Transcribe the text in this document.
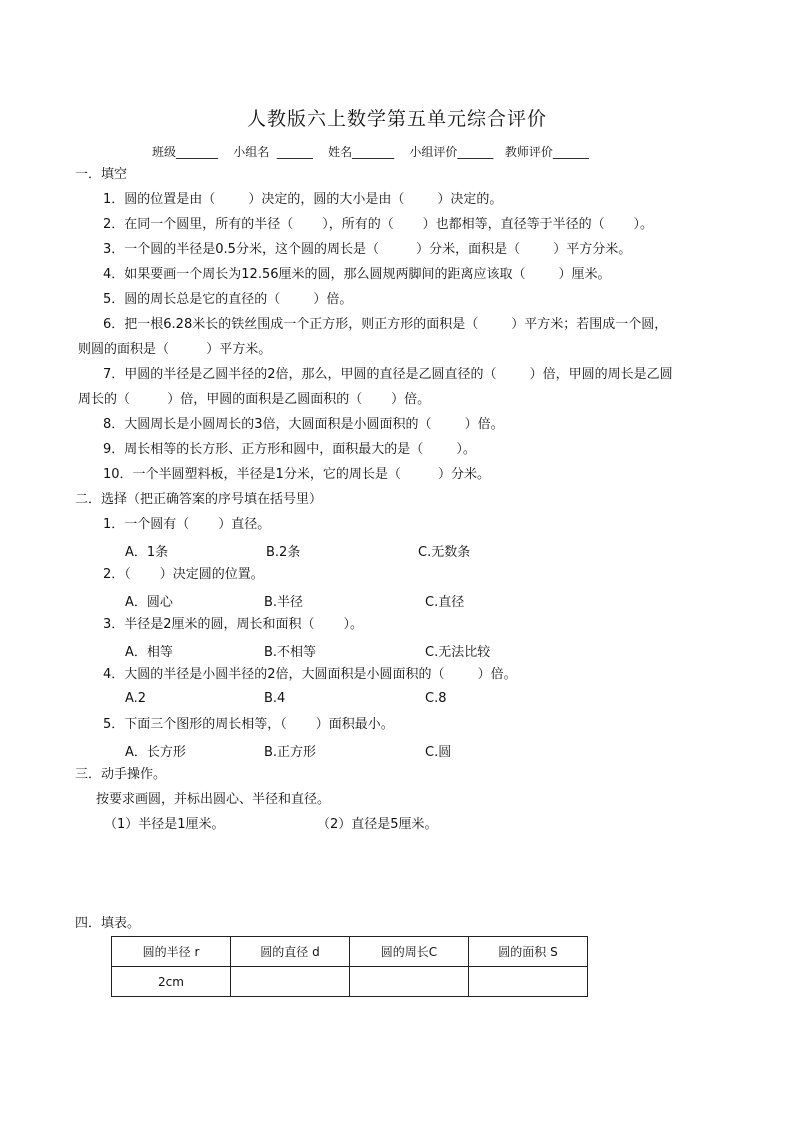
人教版六上数学第五单元综合评价
班级_______    小组名  ______    姓名_______    小组评价______   教师评价______
一．填空
1．圆的位置是由（        ）决定的，圆的大小是由（        ）决定的。
2．在同一个圆里，所有的半径（       ），所有的（       ）也都相等，直径等于半径的（       ）。
3．一个圆的半径是0.5分米，这个圆的周长是（         ）分米，面积是（        ）平方分米。
4．如果要画一个周长为12.56厘米的圆，那么圆规两脚间的距离应该取（        ）厘米。
5．圆的周长总是它的直径的（        ）倍。
6．把一根6.28米长的铁丝围成一个正方形，则正方形的面积是（        ）平方米；若围成一个圆，
则圆的面积是（         ）平方米。
7．甲圆的半径是乙圆半径的2倍，那么，甲圆的直径是乙圆直径的（        ）倍，甲圆的周长是乙圆
周长的（         ）倍，甲圆的面积是乙圆面积的（       ）倍。
8．大圆周长是小圆周长的3倍，大圆面积是小圆面积的（        ）倍。
9．周长相等的长方形、正方形和圆中，面积最大的是（        ）。
10．一个半圆塑料板，半径是1分米，它的周长是（         ）分米。
二．选择（把正确答案的序号填在括号里）
1．一个圆有（       ）直径。
A．1条	B.2条	C.无数条
2．（       ）决定圆的位置。
A．圆心	B.半径	C.直径
3．半径是2厘米的圆，周长和面积（       ）。
A．相等	B.不相等	C.无法比较
4．大圆的半径是小圆半径的2倍，大圆面积是小圆面积的（        ）倍。
A.2	B.4	C.8
5．下面三个图形的周长相等，（       ）面积最小。
A．长方形	B.正方形	C.圆
三．动手操作。
按要求画圆，并标出圆心、半径和直径。
（1）半径是1厘米。	（2）直径是5厘米。
四．填表。
圆的半径 r	圆的直径 d	圆的周长C	圆的面积 S
2cm			
